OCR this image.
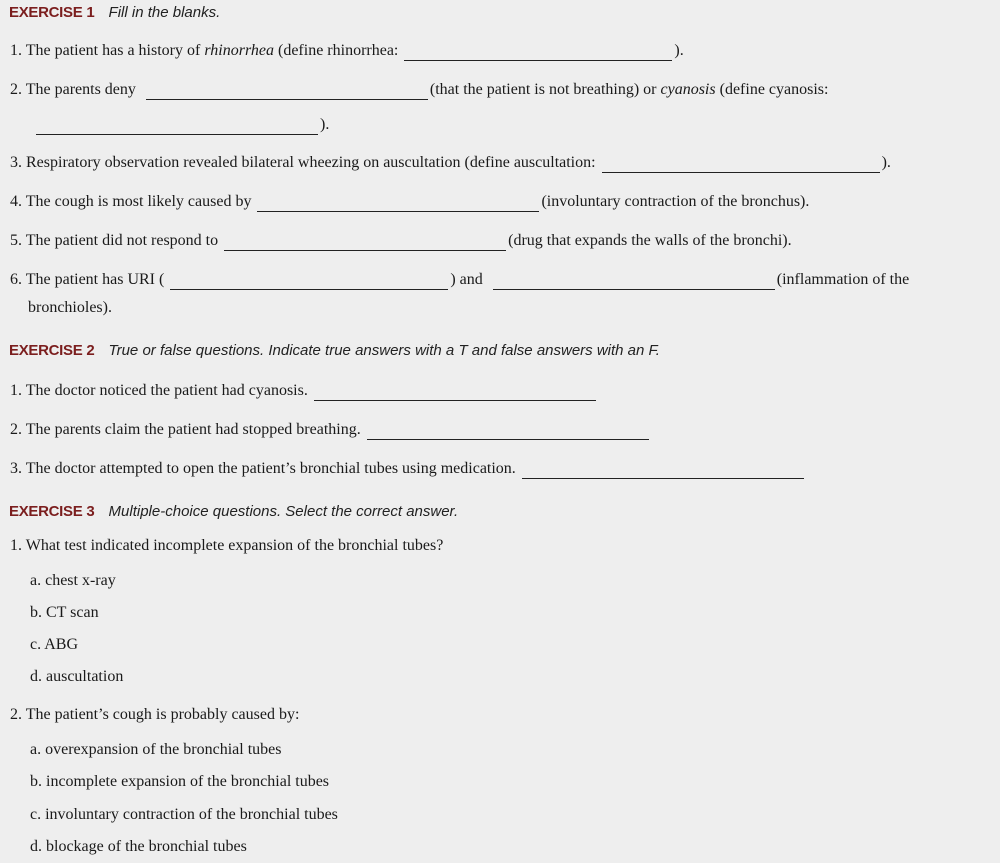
EXERCISE 1 Fill in the blanks.
1. The patient has a history of rhinorrhea (define rhinorrhea:	).
2. The parents deny	(that the patient is not breathing) or cyanosis (define cyanosis:
).
3. Respiratory observation revealed bilateral wheezing on auscultation (define auscultation:	).
4. The cough is most likely caused by	(involuntary contraction of the bronchus).
5. The patient did not respond to	(drug that expands the walls of the bronchi).
6. The patient has URI (	) and	(inflammation of the
bronchioles).
EXERCISE 2 True or false questions. Indicate true answers with a T and false answers with an F.
1. The doctor noticed the patient had cyanosis.
2. The parents claim the patient had stopped breathing.
3. The doctor attempted to open the patient’s bronchial tubes using medication.
EXERCISE 3 Multiple-choice questions. Select the correct answer.
1. What test indicated incomplete expansion of the bronchial tubes?
a. chest x-ray
b. CT scan
c. ABG
d. auscultation
2. The patient’s cough is probably caused by:
a. overexpansion of the bronchial tubes
b. incomplete expansion of the bronchial tubes
c. involuntary contraction of the bronchial tubes
d. blockage of the bronchial tubes
